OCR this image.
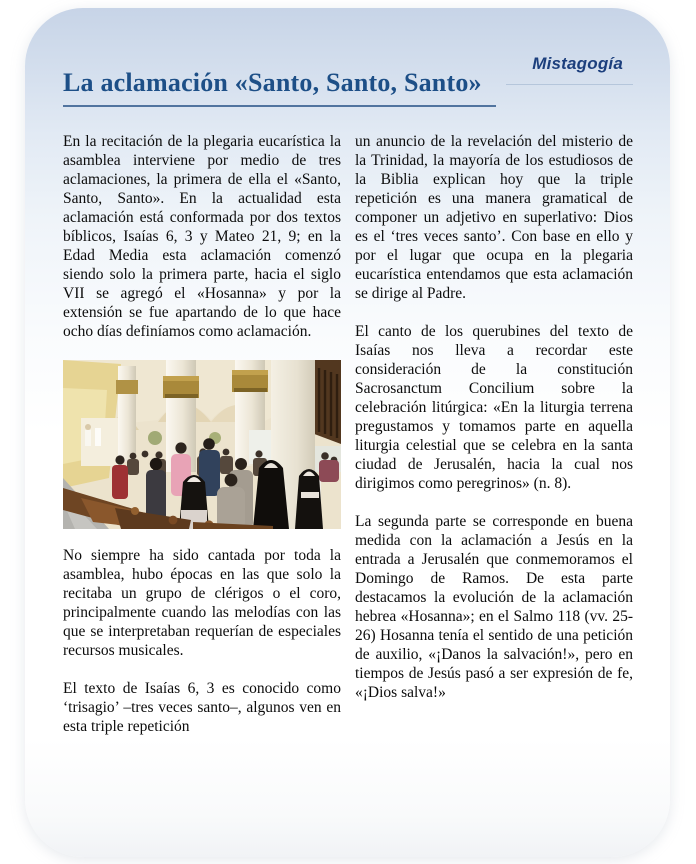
Mistagogía
La aclamación «Santo, Santo, Santo»

En la recitación de la plegaria eucarística la asamblea interviene por medio de tres aclamaciones, la primera de ella el «Santo, Santo, Santo». En la actualidad esta aclamación está conformada por dos textos bíblicos, Isaías 6, 3 y Mateo 21, 9; en la Edad Media esta aclamación comenzó siendo solo la primera parte, hacia el siglo VII se agregó el «Hosanna» y por la extensión se fue apartando de lo que hace ocho días definíamos como aclamación.

No siempre ha sido cantada por toda la asamblea, hubo épocas en las que solo la recitaba un grupo de clérigos o el coro, principalmente cuando las melodías con las que se interpretaban requerían de especiales recursos musicales.

El texto de Isaías 6, 3 es conocido como ‘trisagio’ –tres veces santo–, algunos ven en esta triple repetición

un anuncio de la revelación del misterio de la Trinidad, la mayoría de los estudiosos de la Biblia explican hoy que la triple repetición es una manera gramatical de componer un adjetivo en superlativo: Dios es el ‘tres veces santo’. Con base en ello y por el lugar que ocupa en la plegaria eucarística entendamos que esta aclamación se dirige al Padre.

El canto de los querubines del texto de Isaías nos lleva a recordar este consideración de la constitución Sacrosanctum Concilium sobre la celebración litúrgica: «En la liturgia terrena pregustamos y tomamos parte en aquella liturgia celestial que se celebra en la santa ciudad de Jerusalén, hacia la cual nos dirigimos como peregrinos» (n. 8).

La segunda parte se corresponde en buena medida con la aclamación a Jesús en la entrada a Jerusalén que conmemoramos el Domingo de Ramos. De esta parte destacamos la evolución de la aclamación hebrea «Hosanna»; en el Salmo 118 (vv. 25-26) Hosanna tenía el sentido de una petición de auxilio, «¡Danos la salvación!», pero en tiempos de Jesús pasó a ser expresión de fe, «¡Dios salva!»
